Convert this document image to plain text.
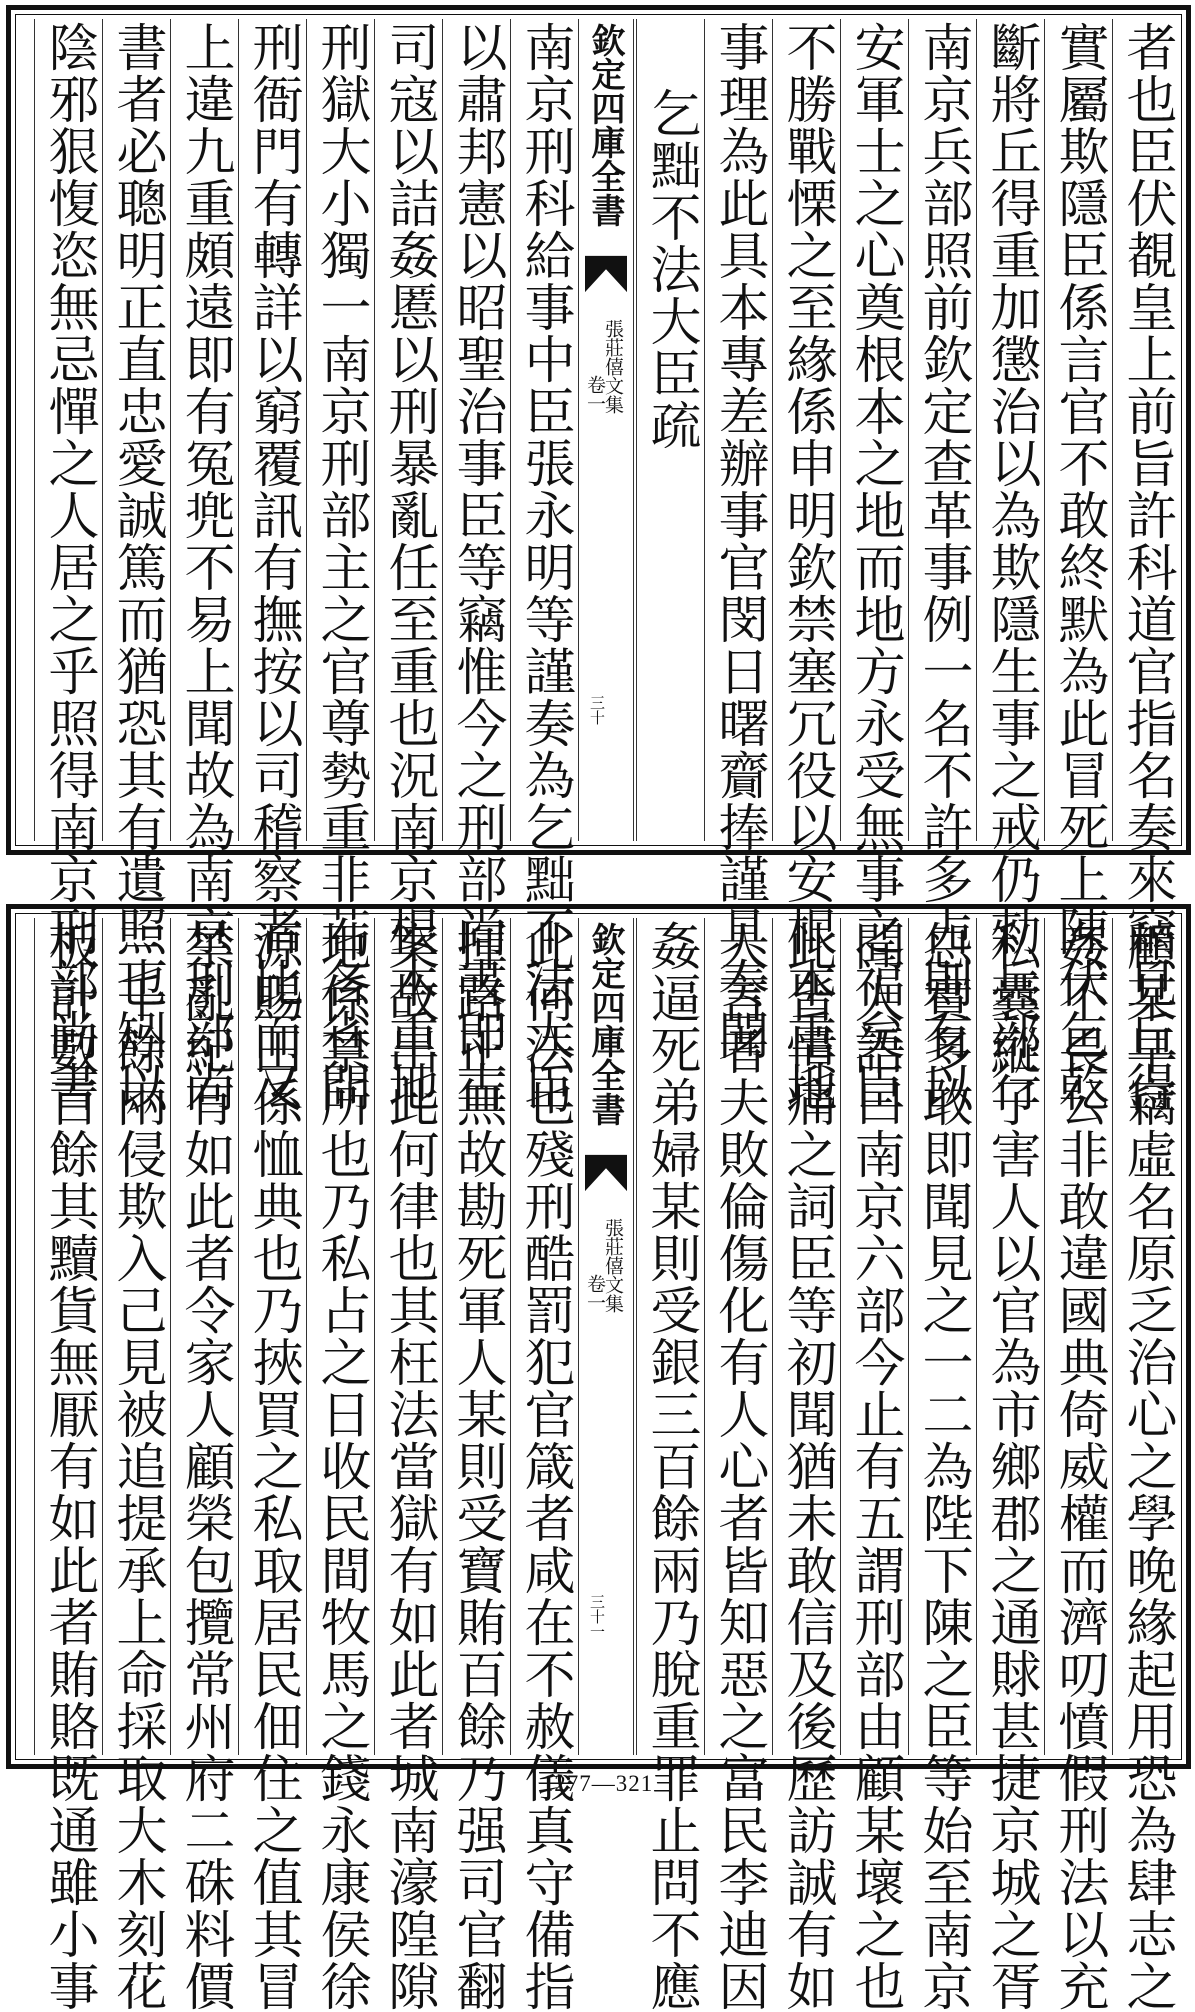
者也臣伏覩皇上前旨許科道官指名奏來竊見丘得
實屬欺隱臣係言官不敢終默為此冒死上陳伏乞乾
斷將丘得重加懲治以為欺隱生事之戒仍勑兵部行
南京兵部照前欽定查革事例一名不許多占則有以
安軍士之心奠根本之地而地方永受無事之福矣臣
不勝戰慄之至緣係申明欽禁塞冗役以安根本重地
事理為此具本專差辦事官閔日曙齎捧謹具奏聞
乞黜不法大臣疏
欽定四庫全書
張莊僖文集
卷一
三十
南京刑科給事中臣張永明等謹奏為乞黜不法大臣
以肅邦憲以昭聖治事臣等竊惟今之刑部尚書即古
司寇以詰姦慝以刑暴亂任至重也況南京根本重地
刑獄大小獨一南京刑部主之官尊勢重非若各省問
刑衙門有轉詳以窮覆訊有撫按以司稽察者比而又
上違九重頗遠即有冤兠不易上聞故為南京刑部尚
書者必聰明正直忠愛誠篤而猶恐其有遺照也矧以
陰邪狠愎恣無忌憚之人居之乎照得南京刑部尚書
顧某早竊虛名原乏治心之學晚緣起用恐為肆志之
姦不畏公非敢違國典倚威權而濟叨憤假刑法以充
私囊縱子害人以官為市鄉郡之通賕甚捷京城之胥
怨實多敢即聞見之一二為陛下陳之臣等始至南京
聞人語曰南京六部今止有五謂刑部由顧某壞之也
此皆憤痛之詞臣等初聞猶未敢信及後歷訪誠有如
人言者夫敗倫傷化有人心者皆知惡之富民李迪因
姦逼死弟婦某則受銀三百餘兩乃脫重罪止問不應
欽定四庫全書
張莊僖文集
卷一
三十一
此何法也殘刑酷罰犯官箴者咸在不赦儀真守備指
揮路正無故勘死軍人某則受寶賄百餘乃强司官翻
案故出此何律也其枉法當獄有如此者城南濠隍隙
地係禁所也乃私占之日收民間牧馬之錢永康侯徐
源賜田係恤典也乃挾買之私取居民佃住之值其冒
禁亂紀有如此者令家人顧榮包攬常州府二硃料價
三千餘兩侵欺入己見被追提承上命採取大木刻花
板計數百餘其黷貨無厭有如此者賄賂既通雖小事	1277—321
